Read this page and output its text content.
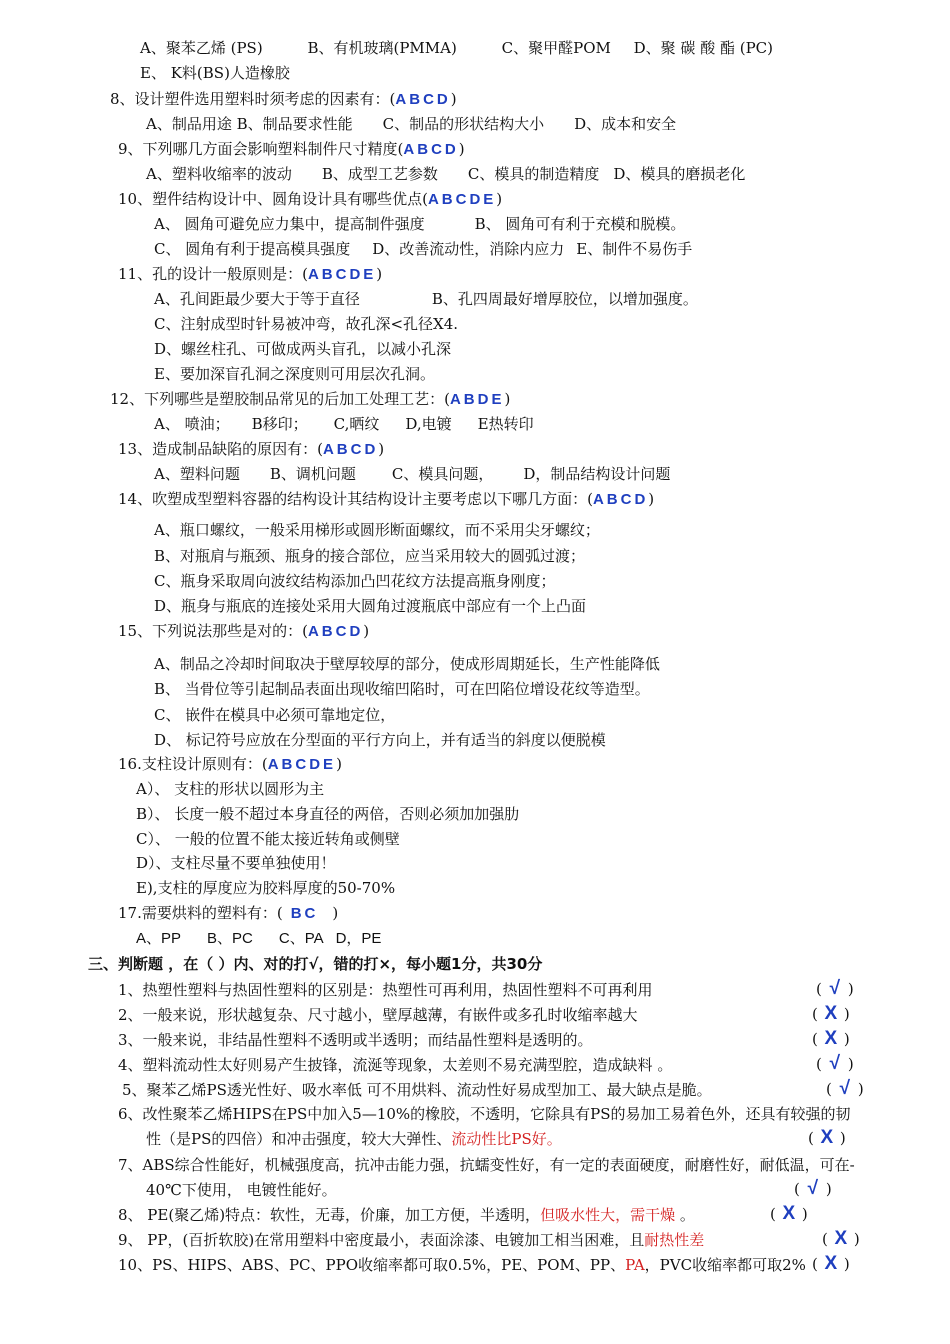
A、聚苯乙烯 (PS)	B、有机玻璃(PMMA)	C、聚甲醛POM D、聚 碳 酸 酯 (PC)
E、 K料(BS)人造橡胶
8、设计塑件选用塑料时须考虑的因素有：(ABCD)
A、制品用途 B、制品要求性能 C、制品的形状结构大小 D、成本和安全
9、下列哪几方面会影响塑料制件尺寸精度(ABCD)
A、塑料收缩率的波动 B、成型工艺参数 C、模具的制造精度 D、模具的磨损老化
10、塑件结构设计中、圆角设计具有哪些优点(ABCDE)
A、 圆角可避免应力集中，提高制件强度	B、 圆角可有利于充模和脱模。
C、 圆角有利于提高模具强度 D、改善流动性，消除内应力 E、制件不易伤手
11、孔的设计一般原则是：(ABCDE)
A、孔间距最少要大于等于直径	B、孔四周最好增厚胶位，以增加强度。
C、注射成型时针易被冲弯，故孔深<孔径X4.
D、螺丝柱孔、可做成两头盲孔，以减小孔深
E、要加深盲孔洞之深度则可用层次孔洞。
12、下列哪些是塑胶制品常见的后加工处理工艺：(ABDE)
A、 喷油； B移印； C,晒纹 D,电镀 E热转印
13、造成制品缺陷的原因有：(ABCD)
A、塑料问题 B、调机问题 C、模具问题， D，制品结构设计问题
14、吹塑成型塑料容器的结构设计其结构设计主要考虑以下哪几方面：(ABCD)
A、瓶口螺纹，一般采用梯形或圆形断面螺纹，而不采用尖牙螺纹；
B、对瓶肩与瓶颈、瓶身的接合部位，应当采用较大的圆弧过渡；
C、瓶身采取周向波纹结构添加凸凹花纹方法提高瓶身刚度；
D、瓶身与瓶底的连接处采用大圆角过渡瓶底中部应有一个上凸面
15、下列说法那些是对的：(ABCD)
A、制品之冷却时间取决于壁厚较厚的部分，使成形周期延长，生产性能降低
B、 当骨位等引起制品表面出现收缩凹陷时，可在凹陷位增设花纹等造型。
C、 嵌件在模具中必须可靠地定位，
D、 标记符号应放在分型面的平行方向上，并有适当的斜度以便脱模
16.支柱设计原则有：(ABCDE)
A）、 支柱的形状以圆形为主
B）、 长度一般不超过本身直径的两倍，否则必须加加强肋
C）、 一般的位置不能太接近转角或侧壁
D）、支柱尽量不要单独使用！
E),支柱的厚度应为胶料厚度的50-70%
17.需要烘料的塑料有：( BC )
A、PP B、PC C、PA D，PE
三、判断题 ，在（ ）内、对的打√，错的打×，每小题1分，共30分
1、热塑性塑料与热固性塑料的区别是：热塑性可再利用，热固性塑料不可再利用	( √ )
2、一般来说，形状越复杂、尺寸越小，壁厚越薄，有嵌件或多孔时收缩率越大	( X )
3、一般来说，非结晶性塑料不透明或半透明；而结晶性塑料是透明的。	( X )
4、塑料流动性太好则易产生披锋，流涎等现象，太差则不易充满型腔，造成缺料 。	( √ )
5、聚苯乙烯PS透光性好、吸水率低 可不用烘料、流动性好易成型加工、最大缺点是脆。	( √ )
6、改性聚苯乙烯HIPS在PS中加入5—10%的橡胶，不透明，它除具有PS的易加工易着色外，还具有较强的韧
性（是PS的四倍）和冲击强度，较大大弹性、流动性比PS好。	( X )
7、ABS综合性能好，机械强度高，抗冲击能力强，抗蠕变性好，有一定的表面硬度，耐磨性好，耐低温，可在-
40℃下使用， 电镀性能好。	( √ )
8、 PE(聚乙烯)特点：软性，无毒，价廉，加工方便，半透明，但吸水性大，需干燥 。	( X )
9、 PP，(百折软胶)在常用塑料中密度最小，表面涂漆、电镀加工相当困难，且耐热性差	( X )
10、PS、HIPS、ABS、PC、PPO收缩率都可取0.5%，PE、POM、PP、PA，PVC收缩率都可取2% ( X )
